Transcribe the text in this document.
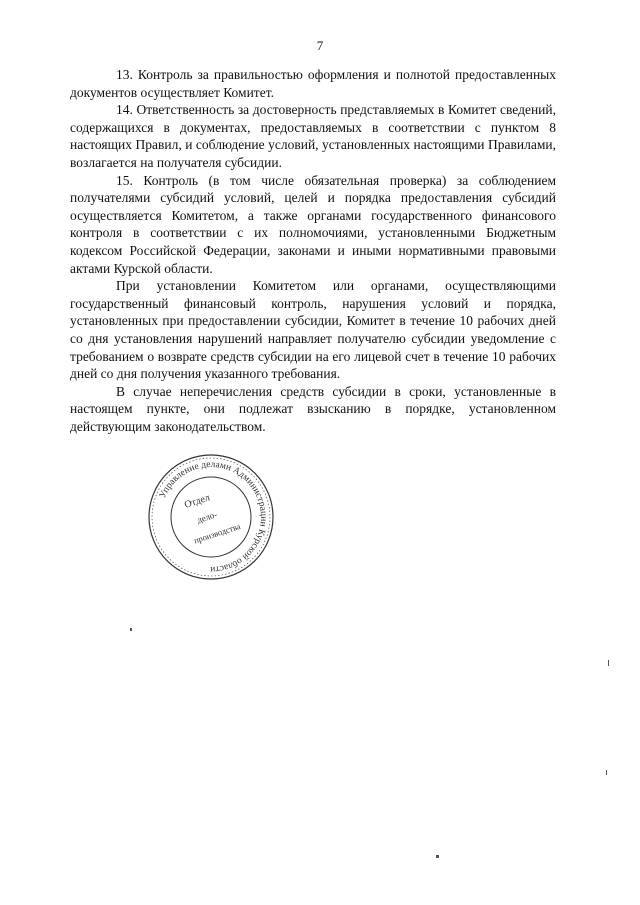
7

13. Контроль за правильностью оформления и полнотой предоставленных документов осуществляет Комитет.

14. Ответственность за достоверность представляемых в Комитет сведений, содержащихся в документах, предоставляемых в соответствии с пунктом 8 настоящих Правил, и соблюдение условий, установленных настоящими Правилами, возлагается на получателя субсидии.

15. Контроль (в том числе обязательная проверка) за соблюдением получателями субсидий условий, целей и порядка предоставления субсидий осуществляется Комитетом, а также органами государственного финансового контроля в соответствии с их полномочиями, установленными Бюджетным кодексом Российской Федерации, законами и иными нормативными правовыми актами Курской области.

При установлении Комитетом или органами, осуществляющими государственный финансовый контроль, нарушения условий и порядка, установленных при предоставлении субсидии, Комитет в течение 10 рабочих дней со дня установления нарушений направляет получателю субсидии уведомление с требованием о возврате средств субсидии на его лицевой счет в течение 10 рабочих дней со дня получения указанного требования.

В случае неперечисления средств субсидии в сроки, установленные в настоящем пункте, они подлежат взысканию в порядке, установленном действующим законодательством.

Управление делами Администрации Курской области
Отдел
дело-
производства
